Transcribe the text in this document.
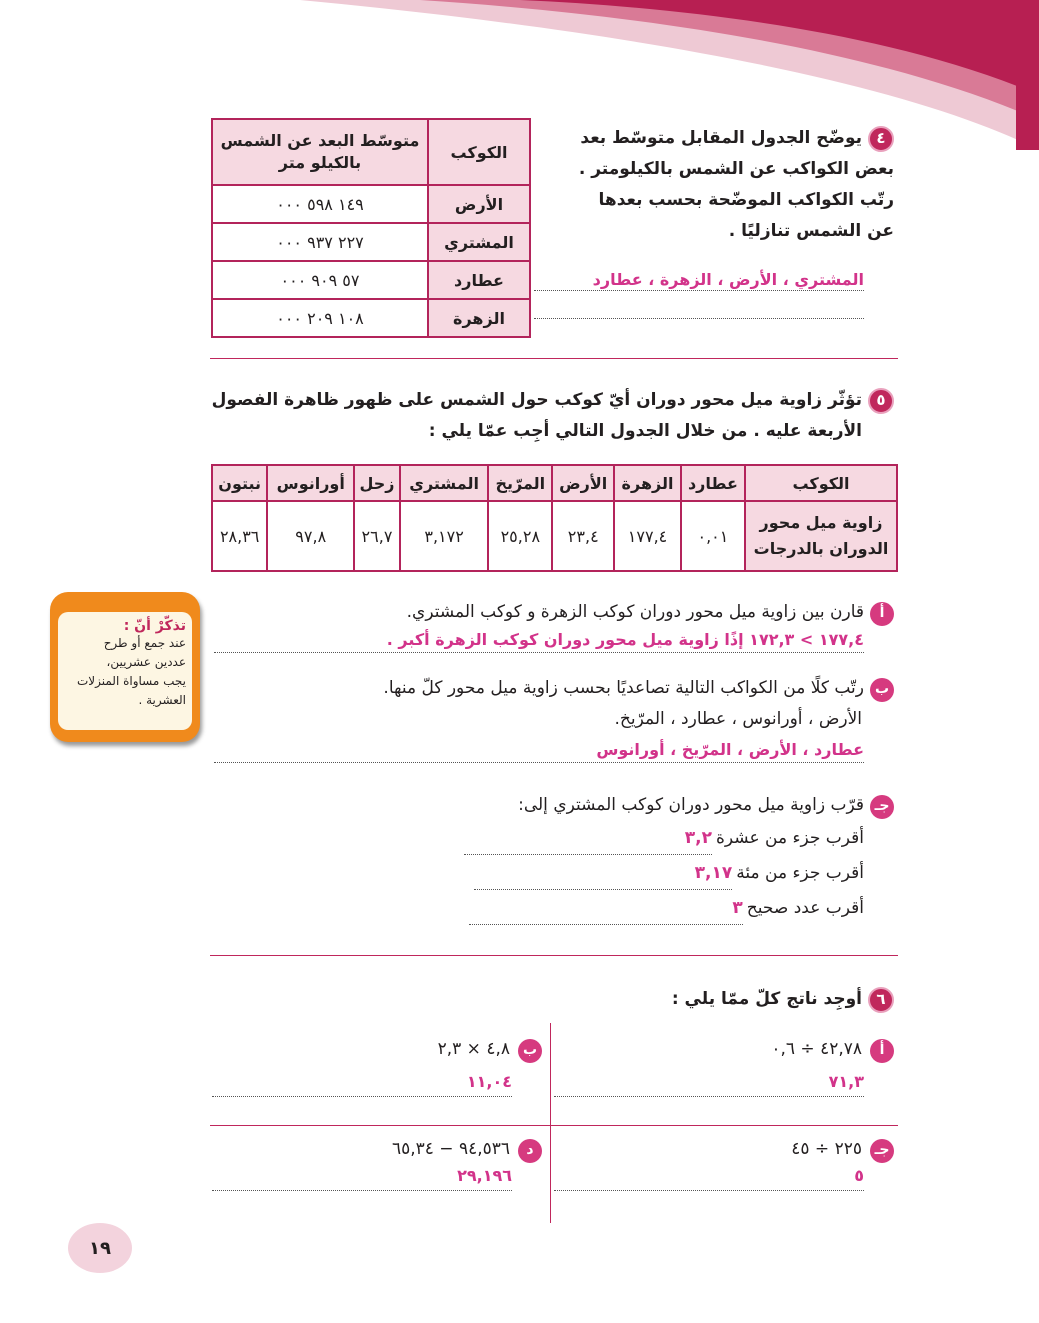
٤يوضّح الجدول المقابل متوسّط بعد
بعض الكواكب عن الشمس بالكيلومتر .
رتّب الكواكب الموضّحة بحسب بعدها
عن الشمس تنازليًا .
المشتري ، الأرض ، الزهرة ، عطارد
الكوكب	متوسّط البعد عن الشمس بالكيلو متر
الأرض	١٤٩ ٥٩٨ ٠٠٠
المشتري	٢٢٧ ٩٣٧ ٠٠٠
عطارد	٥٧ ٩٠٩ ٠٠٠
الزهرة	١٠٨ ٢٠٩ ٠٠٠
٥تؤثّر زاوية ميل محور دوران أيّ كوكب حول الشمس على ظهور ظاهرة الفصول
الأربعة عليه . من خلال الجدول التالي أجِب عمّا يلي :
الكوكب	عطارد	الزهرة	الأرض	المرّيخ	المشتري	زحل	أورانوس	نبتون
زاوية ميل محور الدوران بالدرجات	٠,٠١	١٧٧,٤	٢٣,٤	٢٥,٢٨	٣,١٧٢	٢٦,٧	٩٧,٨	٢٨,٣٦
تذكّرْ أنّ :
عند جمع أو طرح
عددين عشريين،
يجب مساواة المنزلات
العشرية .
أقارن بين زاوية ميل محور دوران كوكب الزهرة و كوكب المشتري.
١٧٧,٤ > ١٧٢,٣ إذًا زاوية ميل محور دوران كوكب الزهرة أكبر .
برتّب كلًا من الكواكب التالية تصاعديًا بحسب زاوية ميل محور كلّ منها.
الأرض ، أورانوس ، عطارد ، المرّيخ.
عطارد ، الأرض ، المرّيخ ، أورانوس
جـقرّب زاوية ميل محور دوران كوكب المشتري إلى:
أقرب جزء من عشرة
٣,٢
أقرب جزء من مئة
٣,١٧
أقرب عدد صحيح
٣
٦أوجِد ناتج كلّ ممّا يلي :
أ٤٢,٧٨ ÷ ٠,٦
٧١,٣
ب٤,٨ × ٢,٣
١١,٠٤
جـ٢٢٥ ÷ ٤٥
٥
د٩٤,٥٣٦ − ٦٥,٣٤
٢٩,١٩٦
١٩
